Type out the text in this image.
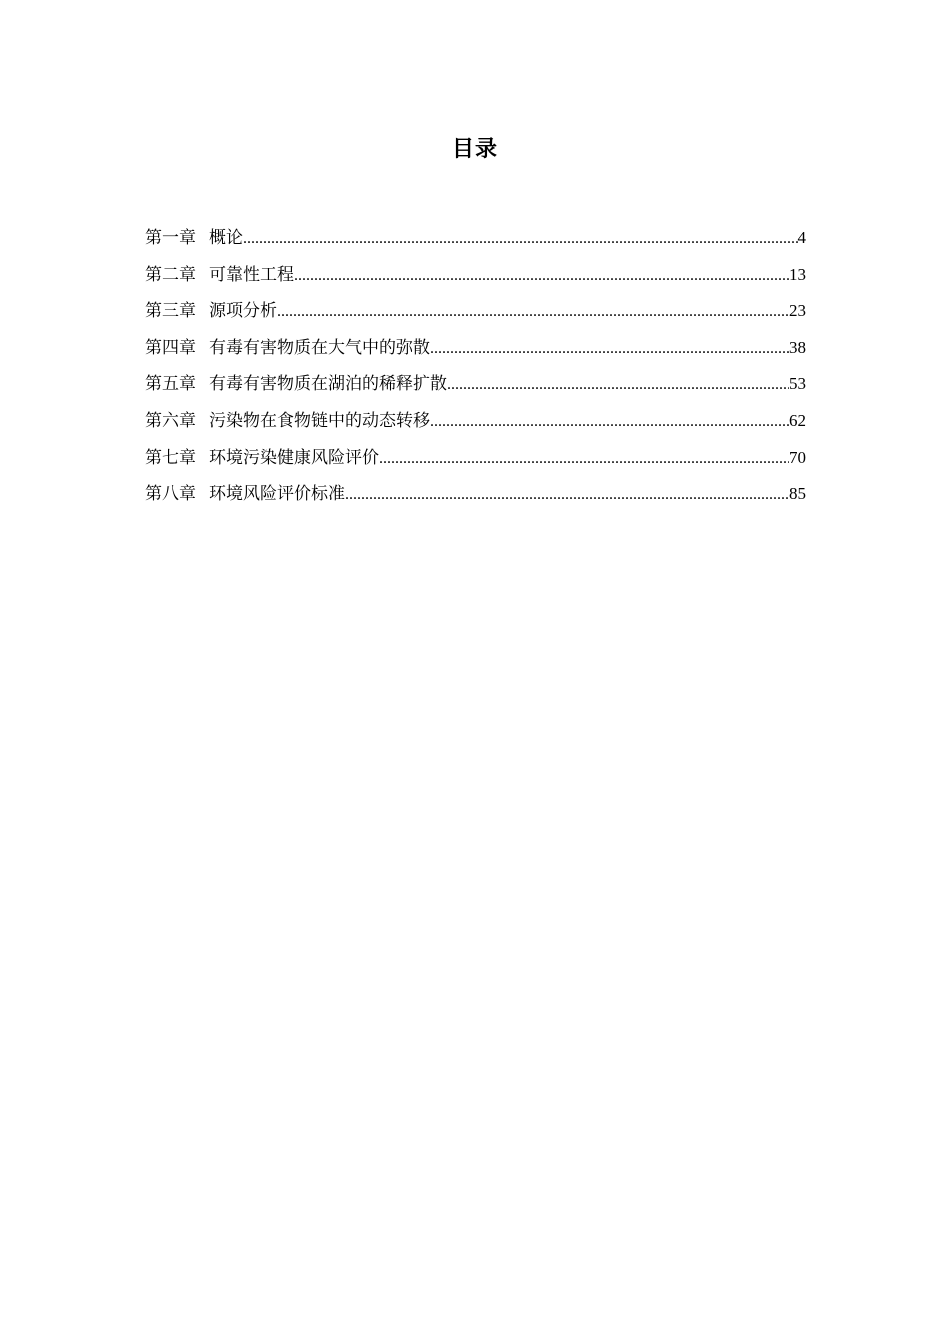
目录
第一章 概论 .....	4
第二章 可靠性工程 .....	13
第三章 源项分析 .....	23
第四章 有毒有害物质在大气中的弥散 .....	38
第五章 有毒有害物质在湖泊的稀释扩散 .....	53
第六章 污染物在食物链中的动态转移 .....	62
第七章 环境污染健康风险评价 .....	70
第八章 环境风险评价标准 .....	85
